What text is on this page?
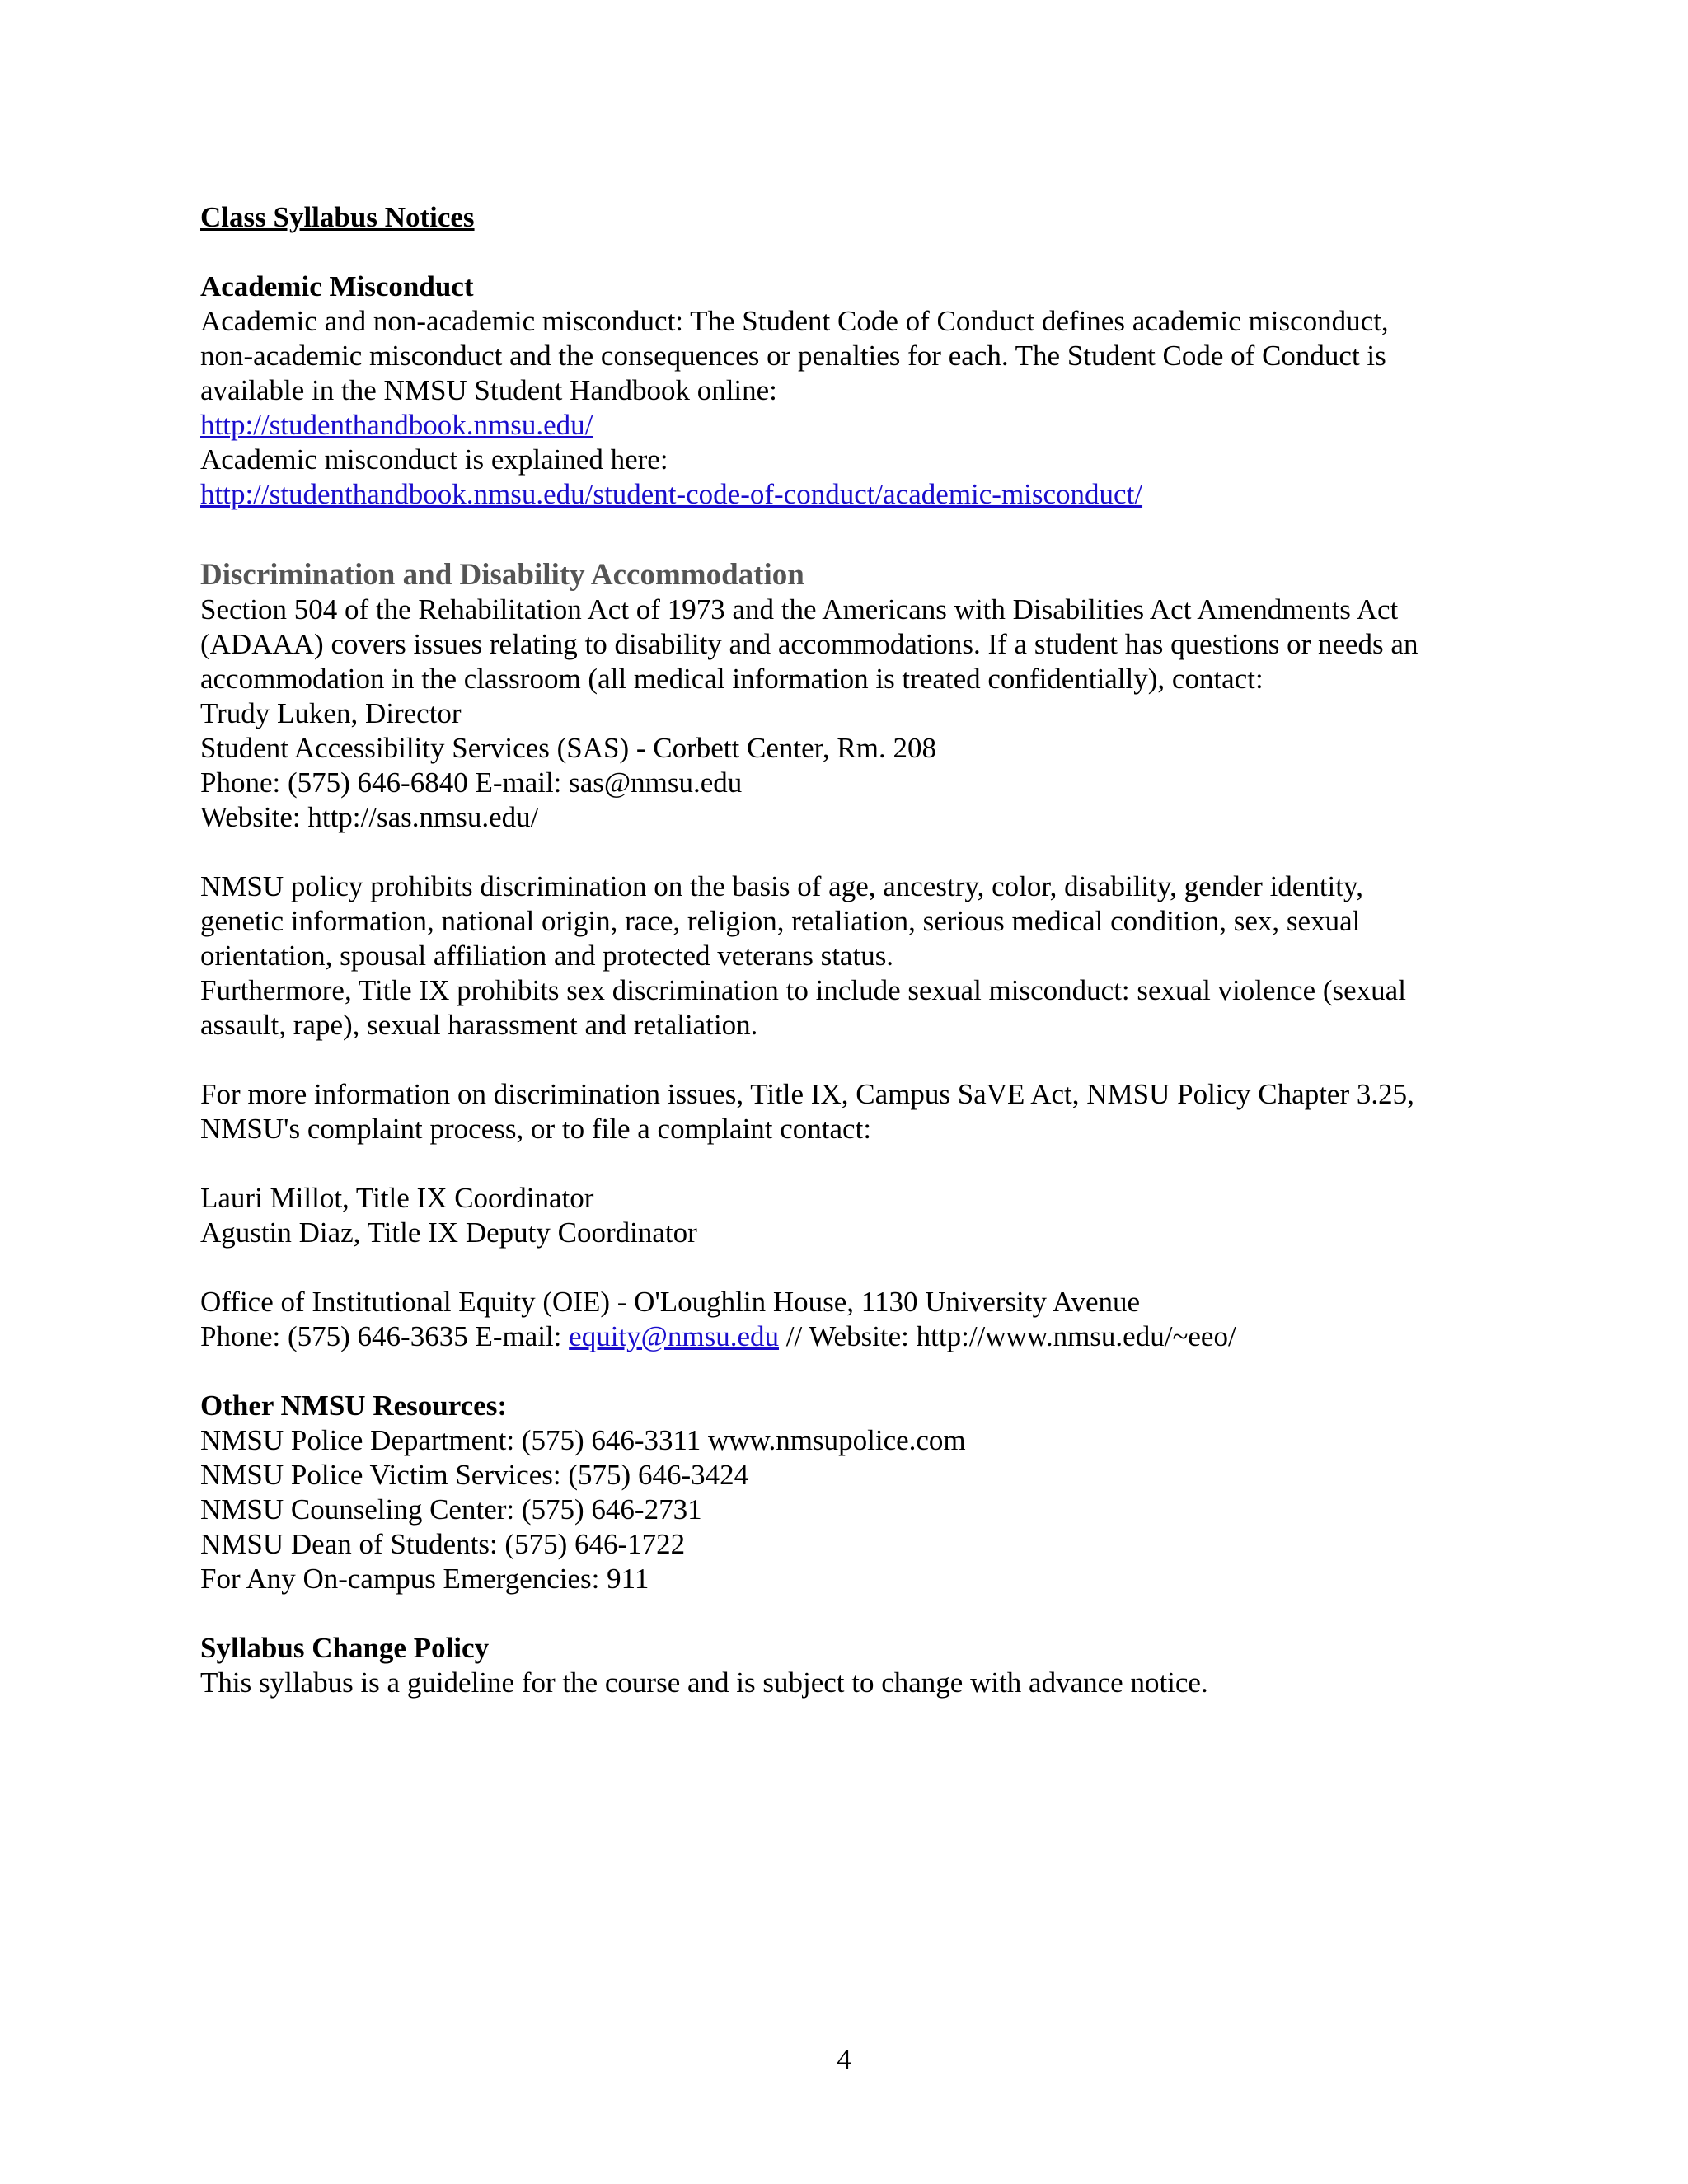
Class Syllabus Notices
Academic Misconduct
Academic and non-academic misconduct: The Student Code of Conduct defines academic misconduct,
non-academic misconduct and the consequences or penalties for each. The Student Code of Conduct is
available in the NMSU Student Handbook online:
http://studenthandbook.nmsu.edu/
Academic misconduct is explained here:
http://studenthandbook.nmsu.edu/student-code-of-conduct/academic-misconduct/
Discrimination and Disability Accommodation
Section 504 of the Rehabilitation Act of 1973 and the Americans with Disabilities Act Amendments Act
(ADAAA) covers issues relating to disability and accommodations. If a student has questions or needs an
accommodation in the classroom (all medical information is treated confidentially), contact:
Trudy Luken, Director
Student Accessibility Services (SAS) - Corbett Center, Rm. 208
Phone: (575) 646-6840 E-mail: sas@nmsu.edu
Website: http://sas.nmsu.edu/
NMSU policy prohibits discrimination on the basis of age, ancestry, color, disability, gender identity,
genetic information, national origin, race, religion, retaliation, serious medical condition, sex, sexual
orientation, spousal affiliation and protected veterans status.
Furthermore, Title IX prohibits sex discrimination to include sexual misconduct: sexual violence (sexual
assault, rape), sexual harassment and retaliation.
For more information on discrimination issues, Title IX, Campus SaVE Act, NMSU Policy Chapter 3.25,
NMSU's complaint process, or to file a complaint contact:
Lauri Millot, Title IX Coordinator
Agustin Diaz, Title IX Deputy Coordinator
Office of Institutional Equity (OIE) - O'Loughlin House, 1130 University Avenue
Phone: (575) 646-3635 E-mail: equity@nmsu.edu // Website: http://www.nmsu.edu/~eeo/
Other NMSU Resources:
NMSU Police Department: (575) 646-3311 www.nmsupolice.com
NMSU Police Victim Services: (575) 646-3424
NMSU Counseling Center: (575) 646-2731
NMSU Dean of Students: (575) 646-1722
For Any On-campus Emergencies: 911
Syllabus Change Policy
This syllabus is a guideline for the course and is subject to change with advance notice.
4
